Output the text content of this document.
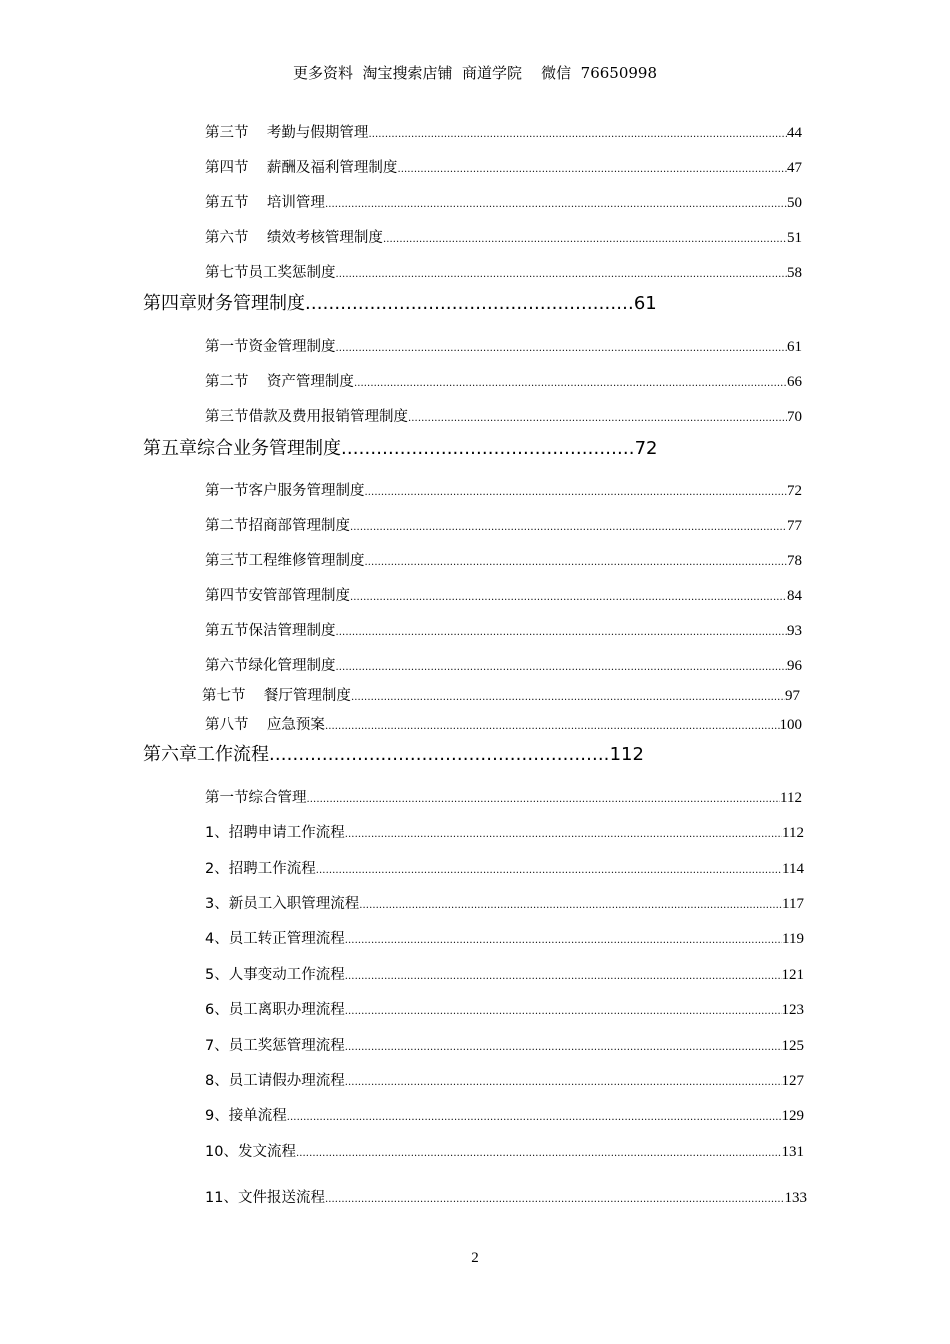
更多资料  淘宝搜索店铺  商道学院    微信  76650998
第三节    考勤与假期管理 .....	44
第四节    薪酬及福利管理制度 .....	47
第五节    培训管理 .....	50
第六节    绩效考核管理制度 .....	51
第七节员工奖惩制度 .....	58
第四章财务管理制度 ........................................................ 61
第一节资金管理制度 .....	61
第二节    资产管理制度 .....	66
第三节借款及费用报销管理制度 .....	70
第五章综合业务管理制度 .................................................. 72
第一节客户服务管理制度 .....	72
第二节招商部管理制度 .....	77
第三节工程维修管理制度 .....	78
第四节安管部管理制度 .....	84
第五节保洁管理制度 .....	93
第六节绿化管理制度 .....	96
第七节    餐厅管理制度 .....	97
第八节    应急预案 .....	100
第六章工作流程 .......................................................... 112
第一节综合管理 .....	112
1 、招聘申请工作流程 .....	112
2 、招聘工作流程 .....	114
3 、新员工入职管理流程 .....	117
4 、员工转正管理流程 .....	119
5 、人事变动工作流程 .....	121
6 、员工离职办理流程 .....	123
7 、员工奖惩管理流程 .....	125
8 、员工请假办理流程 .....	127
9 、接单流程 .....	129
10 、发文流程 .....	131
11 、文件报送流程 .....	133
2
